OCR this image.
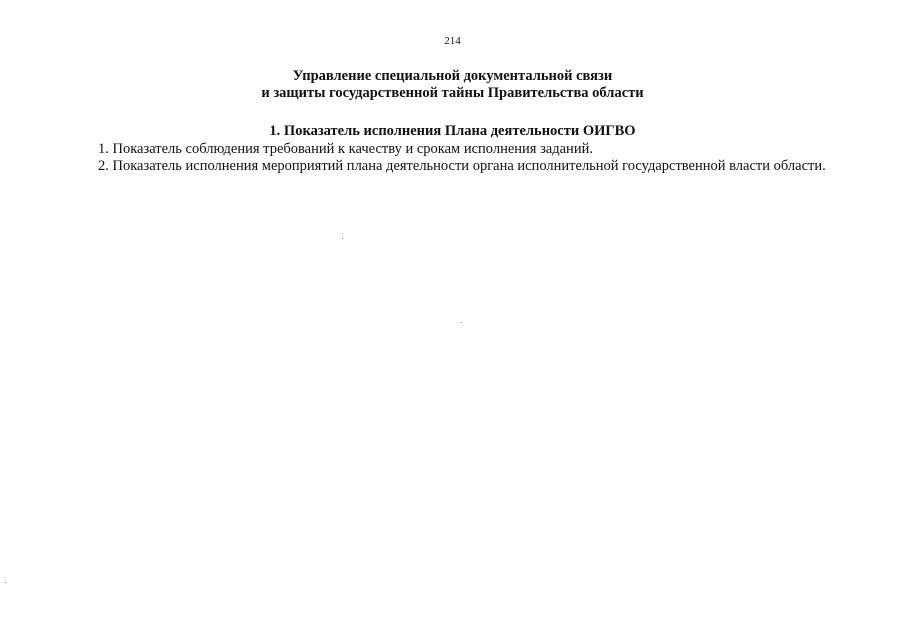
214
Управление специальной документальной связи
и защиты государственной тайны Правительства области
1. Показатель исполнения Плана деятельности ОИГВО
1. Показатель соблюдения требований к качеству и срокам исполнения заданий.
2. Показатель исполнения мероприятий плана деятельности органа исполнительной государственной власти области.
